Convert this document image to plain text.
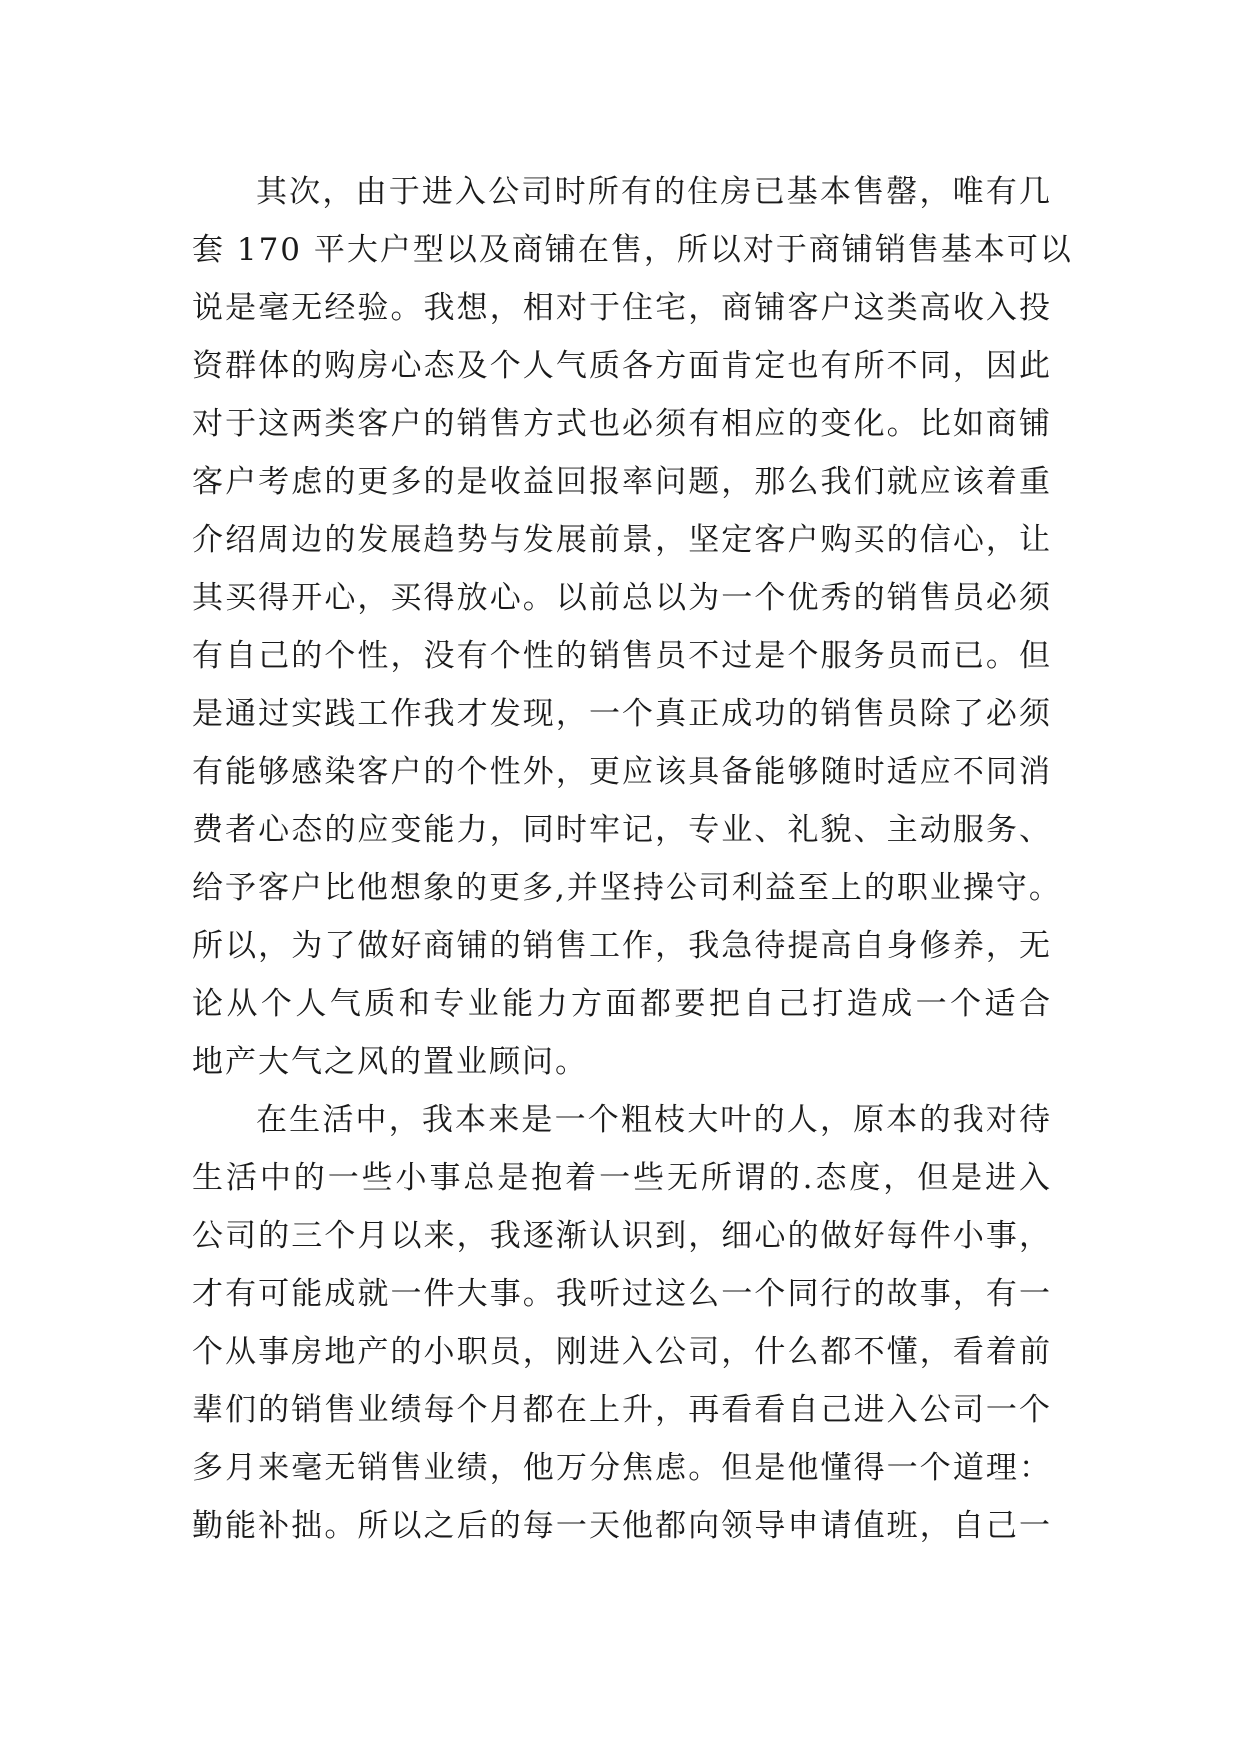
其次，由于进入公司时所有的住房已基本售罄，唯有几
套 170 平大户型以及商铺在售，所以对于商铺销售基本可以
说是毫无经验。我想，相对于住宅，商铺客户这类高收入投
资群体的购房心态及个人气质各方面肯定也有所不同，因此
对于这两类客户的销售方式也必须有相应的变化。比如商铺
客户考虑的更多的是收益回报率问题，那么我们就应该着重
介绍周边的发展趋势与发展前景，坚定客户购买的信心，让
其买得开心，买得放心。以前总以为一个优秀的销售员必须
有自己的个性，没有个性的销售员不过是个服务员而已。但
是通过实践工作我才发现，一个真正成功的销售员除了必须
有能够感染客户的个性外，更应该具备能够随时适应不同消
费者心态的应变能力，同时牢记，专业、礼貌、主动服务、
给予客户比他想象的更多,并坚持公司利益至上的职业操守。
所以，为了做好商铺的销售工作，我急待提高自身修养，无
论从个人气质和专业能力方面都要把自己打造成一个适合
地产大气之风的置业顾问。
在生活中，我本来是一个粗枝大叶的人，原本的我对待
生活中的一些小事总是抱着一些无所谓的.态度，但是进入
公司的三个月以来，我逐渐认识到，细心的做好每件小事，
才有可能成就一件大事。我听过这么一个同行的故事，有一
个从事房地产的小职员，刚进入公司，什么都不懂，看着前
辈们的销售业绩每个月都在上升，再看看自己进入公司一个
多月来毫无销售业绩，他万分焦虑。但是他懂得一个道理：
勤能补拙。所以之后的每一天他都向领导申请值班，自己一
